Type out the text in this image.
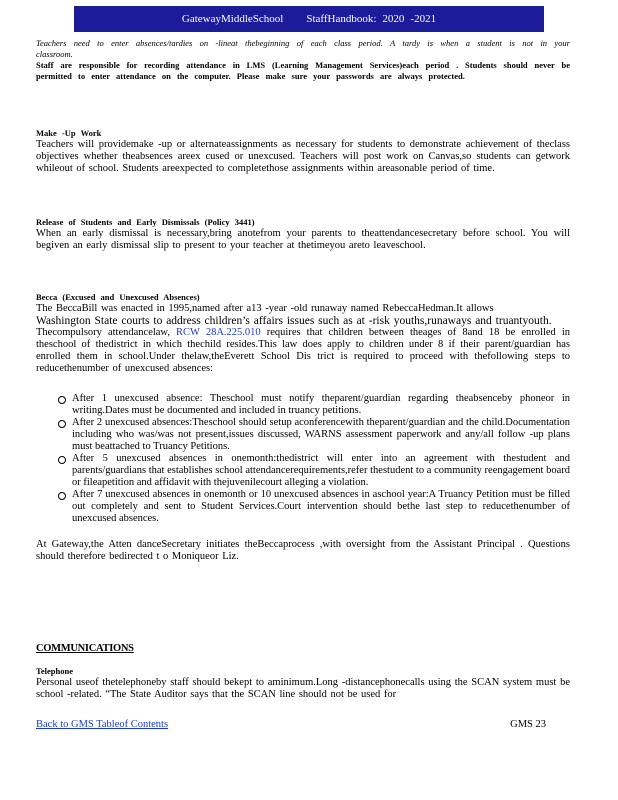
GatewayMiddleSchool
StaffHandbook: 2020 -2021
Teachers need to enter absences/tardies on -lineat thebeginning of each class period. A tardy is when a student is not in your classroom.
Staff are responsible for recording attendance in LMS (Learning Management Services)each period . Students should never be permitted to enter attendance on the computer. Please make sure your passwords are always protected.
Make -Up Work
Teachers will providemake -up or alternateassignments as necessary for students to demonstrate achievement of theclass objectives whether theabsences areex cused or unexcused. Teachers will post work on Canvas,so students can getwork whileout of school. Students areexpected to completethose assignments within areasonable period of time.
Release of Students and Early Dismissals (Policy 3441)
When an early dismissal is necessary,bring anotefrom your parents to theattendancesecretary before school. You will begiven an early dismissal slip to present to your teacher at thetimeyou areto leaveschool.
Becca (Excused and Unexcused Absences)
The BeccaBill was enacted in 1995,named after a13 -year -old runaway named RebeccaHedman.It allows
Washington State courts to address children’s affairs issues such as at -risk youths,runaways and truantyouth.
Thecompulsory attendancelaw, RCW 28A.225.010 requires that children between theages of 8and 18 be enrolled in theschool of thedistrict in which thechild resides.This law does apply to children under 8 if their parent/guardian has enrolled them in school.Under thelaw,theEverett School Dis trict is required to proceed with thefollowing steps to reducethenumber of unexcused absences:
After 1 unexcused absence: Theschool must notify theparent/guardian regarding theabsenceby phoneor in writing.Dates must be documented and included in truancy petitions.
After 2 unexcused absences:Theschool should setup aconferencewith theparent/guardian and the child.Documentation including who was/was not present,issues discussed, WARNS assessment paperwork and any/all follow -up plans must beattached to Truancy Petitions.
After 5 unexcused absences in onemonth:thedistrict will enter into an agreement with thestudent and parents/guardians that establishes school attendancerequirements,refer thestudent to a community reengagement board or fileapetition and affidavit with thejuvenilecourt alleging a violation.
After 7 unexcused absences in onemonth or 10 unexcused absences in aschool year:A Truancy Petition must be filled out completely and sent to Student Services.Court intervention should bethe last step to reducethenumber of unexcused absences.
At Gateway,the Atten danceSecretary initiates theBeccaprocess ,with oversight from the Assistant Principal . Questions should therefore bedirected t o Moniqueor Liz.
COMMUNICATIONS
Telephone
Personal useof thetelephoneby staff should bekept to aminimum.Long -distancephonecalls using the SCAN system must be school -related. “The State Auditor says that the SCAN line should not be used for
Back to GMS Tableof Contents	GMS 23
